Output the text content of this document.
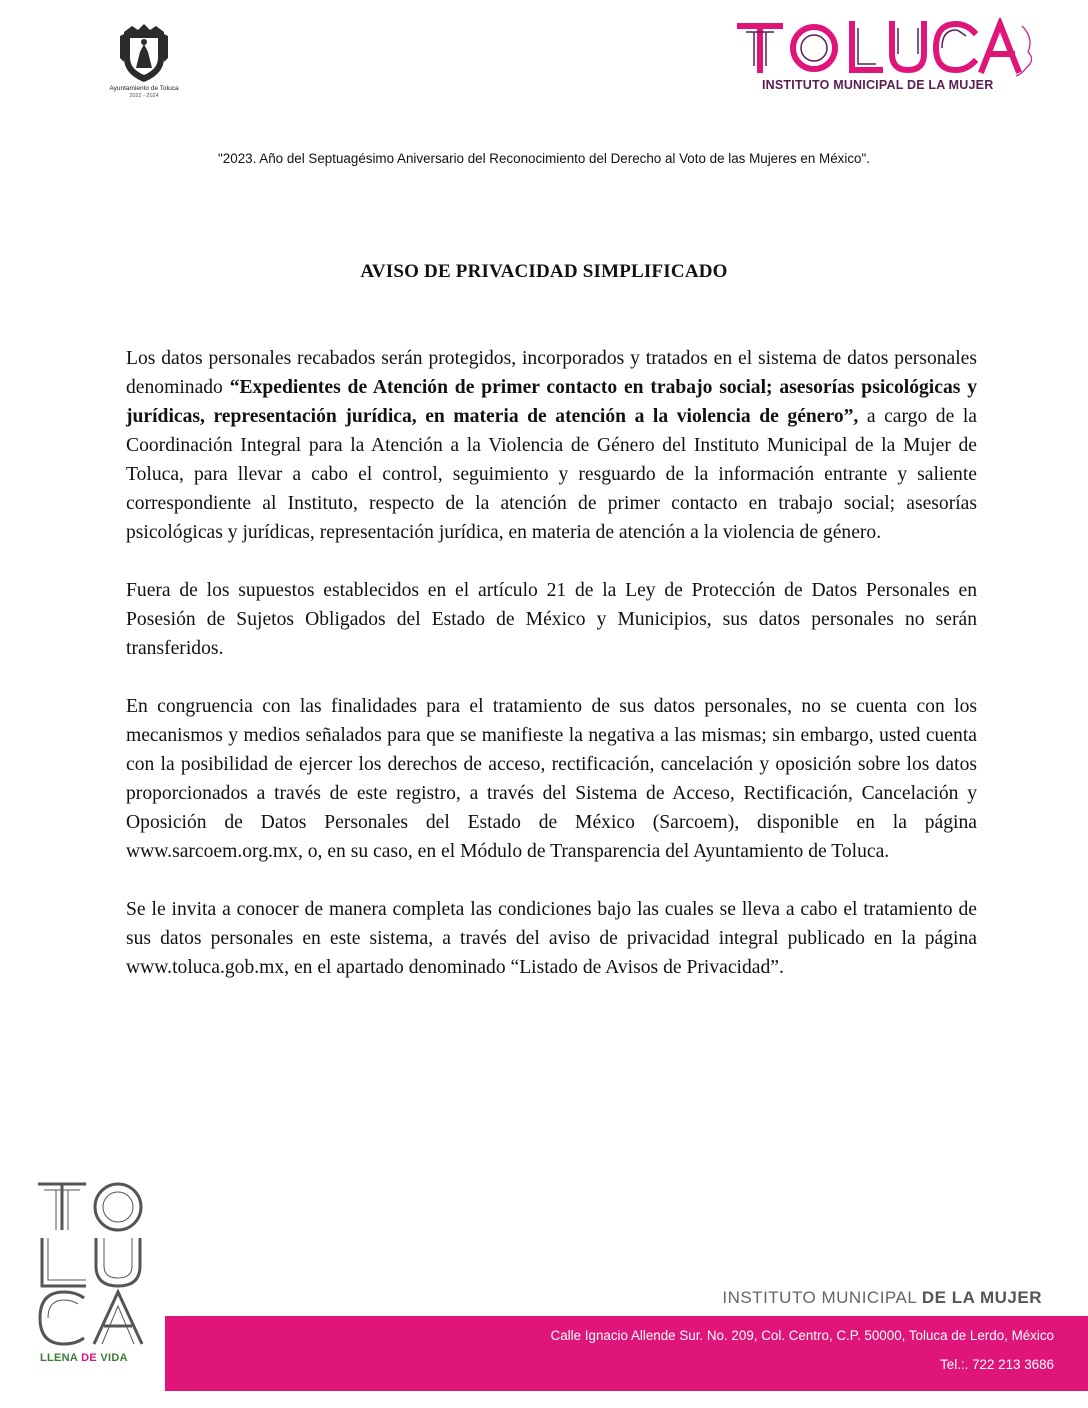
Ayuntamiento de Toluca
2022 - 2024
INSTITUTO MUNICIPAL DE LA MUJER
"2023. Año del Septuagésimo Aniversario del Reconocimiento del Derecho al Voto de las Mujeres en México".
AVISO DE PRIVACIDAD SIMPLIFICADO

Los datos personales recabados serán protegidos, incorporados y tratados en el sistema de datos personales denominado “Expedientes de Atención de primer contacto en trabajo social; asesorías psicológicas y jurídicas, representación jurídica, en materia de atención a la violencia de género”, a cargo de la Coordinación Integral para la Atención a la Violencia de Género del Instituto Municipal de la Mujer de Toluca, para llevar a cabo el control, seguimiento y resguardo de la información entrante y saliente correspondiente al Instituto, respecto de la atención de primer contacto en trabajo social; asesorías psicológicas y jurídicas, representación jurídica, en materia de atención a la violencia de género.

Fuera de los supuestos establecidos en el artículo 21 de la Ley de Protección de Datos Personales en Posesión de Sujetos Obligados del Estado de México y Municipios, sus datos personales no serán transferidos.

En congruencia con las finalidades para el tratamiento de sus datos personales, no se cuenta con los mecanismos y medios señalados para que se manifieste la negativa a las mismas; sin embargo, usted cuenta con la posibilidad de ejercer los derechos de acceso, rectificación, cancelación y oposición sobre los datos proporcionados a través de este registro, a través del Sistema de Acceso, Rectificación, Cancelación y Oposición de Datos Personales del Estado de México (Sarcoem), disponible en la página www.sarcoem.org.mx, o, en su caso, en el Módulo de Transparencia del Ayuntamiento de Toluca.

Se le invita a conocer de manera completa las condiciones bajo las cuales se lleva a cabo el tratamiento de sus datos personales en este sistema, a través del aviso de privacidad integral publicado en la página www.toluca.gob.mx, en el apartado denominado “Listado de Avisos de Privacidad”.

LLENA DE VIDA
INSTITUTO MUNICIPAL DE LA MUJER
Calle Ignacio Allende Sur. No. 209, Col. Centro, C.P. 50000, Toluca de Lerdo, México
Tel.:. 722 213 3686
